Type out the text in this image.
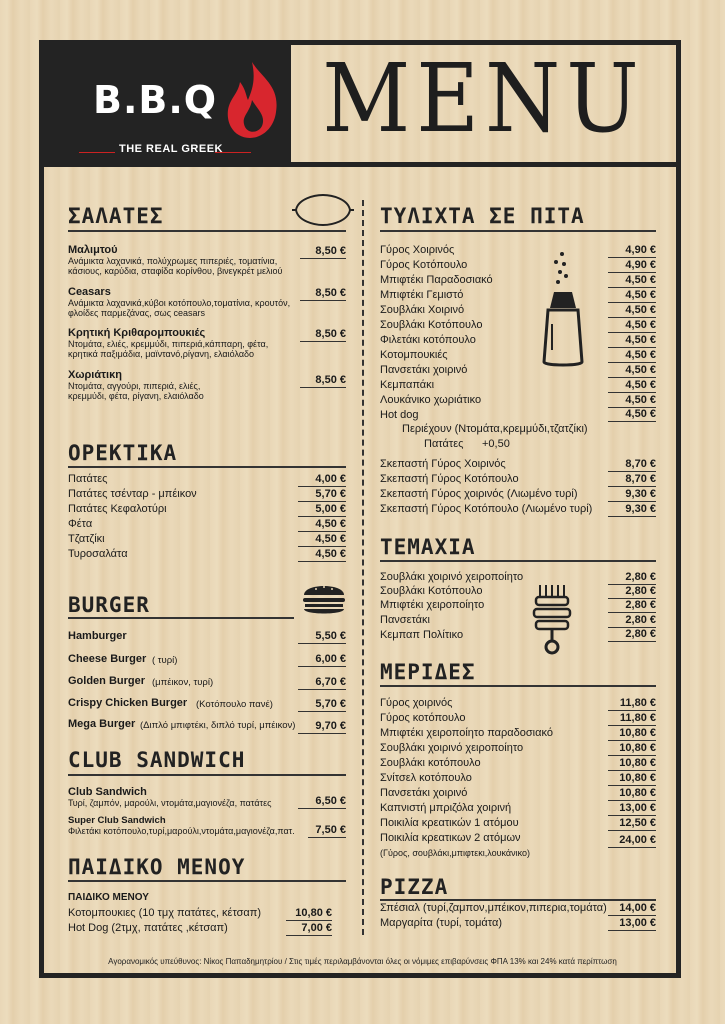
B.B.Q
THE REAL GREEK	MENU
ΣΑΛΑΤΕΣ
Μαλιμτού
Ανάμικτα λαχανικά, πολύχρωμες πιπεριές, τοματίνια,
κάσιους, καρύδια, σταφίδα κορίνθου, βινεγκρέτ μελιού
8,50 €
Ceasars
Ανάμικτα λαχανικά,κύβοι κοτόπουλο,τοματίνια, κρουτόν,
φλοίδες παρμεζάνας, σως ceasars
8,50 €
Κρητική Κριθαρομπουκιές
Ντομάτα, ελιές, κρεμμύδι, πιπεριά,κάππαρη, φέτα,
κρητικά παξιμάδια, μαϊντανό,ρίγανη, ελαιόλαδο
8,50 €
Χωριάτικη
Ντομάτα, αγγούρι, πιπεριά, ελιές,
κρεμμύδι, φέτα, ρίγανη, ελαιόλαδο
8,50 €
ΟΡΕΚΤΙΚΑ
Πατάτες	4,00 €
Πατάτες τσένταρ - μπέικον	5,70 €
Πατάτες Κεφαλοτύρι	5,00 €
Φέτα	4,50 €
Τζατζίκι	4,50 €
Τυροσαλάτα	4,50 €
BURGER
Hamburger	5,50 €
Cheese Burger ( τυρί)	6,00 €
Golden Burger (μπέικον, τυρί)	6,70 €
Crispy Chicken Burger (Κοτόπουλο πανέ)	5,70 €
Mega Burger (Διπλό μπιφτέκι, διπλό τυρί, μπέικον)	9,70 €
CLUB SANDWICH
Club Sandwich
Τυρί, ζαμπόν, μαρούλι, ντομάτα,μαγιονέζα, πατάτες	6,50 €
Super Club Sandwich
Φιλετάκι κοτόπουλο,τυρί,μαρούλι,ντομάτα,μαγιονέζα,πατ.	7,50 €
ΠΑΙΔΙΚΟ ΜΕΝΟΥ
ΠΑΙΔΙΚΟ ΜΕΝΟΥ
Κοτομπουκιες (10 τμχ πατάτες, κέτσαπ)	10,80 €
Hot Dog (2τμχ, πατάτες ,κέτσαπ)	7,00 €
ΤΥΛΙΧΤΑ ΣΕ ΠΙΤΑ
Γύρος Χοιρινός	4,90 €
Γύρος Κοτόπουλο	4,90 €
Μπιφτέκι Παραδοσιακό	4,50 €
Μπιφτέκι Γεμιστό	4,50 €
Σουβλάκι Χοιρινό	4,50 €
Σουβλάκι Κοτόπουλο	4,50 €
Φιλετάκι κοτόπουλο	4,50 €
Κοτομπουκιές	4,50 €
Πανσετάκι χοιρινό	4,50 €
Κεμπαπάκι	4,50 €
Λουκάνικο χωριάτικο	4,50 €
Hot dog	4,50 €
Περιέχουν (Ντομάτα,κρεμμύδι,τζατζίκι)
Πατάτες +0,50
Σκεπαστή Γύρος Χοιρινός	8,70 €
Σκεπαστή Γύρος Κοτόπουλο	8,70 €
Σκεπαστή Γύρος χοιρινός (Λιωμένο τυρί)	9,30 €
Σκεπαστή Γύρος Κοτόπουλο (Λιωμένο τυρί)	9,30 €
ΤΕΜΑΧΙΑ
Σουβλάκι χοιρινό χειροποίητο	2,80 €
Σουβλάκι Κοτόπουλο	2,80 €
Μπιφτέκι χειροποίητο	2,80 €
Πανσετάκι	2,80 €
Κεμπαπ Πολίτικο	2,80 €
ΜΕΡΙΔΕΣ
Γύρος χοιρινός	11,80 €
Γύρος κοτόπουλο	11,80 €
Μπιφτέκι χειροποίητο παραδοσιακό	10,80 €
Σουβλάκι χοιρινό χειροποίητο	10,80 €
Σουβλάκι κοτόπουλο	10,80 €
Σνίτσελ κοτόπουλο	10,80 €
Πανσετάκι χοιρινό	10,80 €
Καπνιστή μπριζόλα χοιρινή	13,00 €
Ποικιλία κρεατικών 1 ατόμου	12,50 €
Ποικιλία κρεατικων 2 ατόμων	24,00 €
(Γύρος, σουβλάκι,μπιφτεκι,λουκάνικο)
PIZZA
Σπέσιαλ (τυρί,ζαμπον,μπέικον,πιπερια,τομάτα)	14,00 €
Μαργαρίτα (τυρί, τομάτα)	13,00 €
Αγορανομικός υπεύθυνος: Νίκος Παπαδημητρίου / Στις τιμές περιλαμβάνονται όλες οι νόμιμες επιβαρύνσεις ΦΠΑ 13% και 24% κατά περίπτωση
